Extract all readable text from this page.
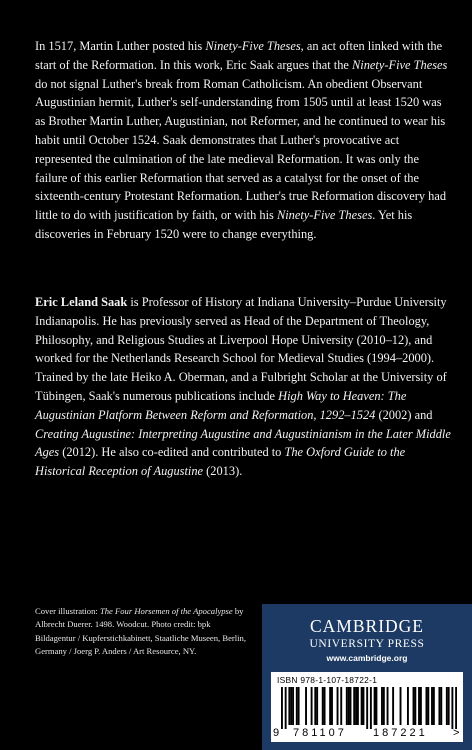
In 1517, Martin Luther posted his Ninety-Five Theses, an act often linked with the start of the Reformation. In this work, Eric Saak argues that the Ninety-Five Theses do not signal Luther's break from Roman Catholicism. An obedient Observant Augustinian hermit, Luther's self-understanding from 1505 until at least 1520 was as Brother Martin Luther, Augustinian, not Reformer, and he continued to wear his habit until October 1524. Saak demonstrates that Luther's provocative act represented the culmination of the late medieval Reformation. It was only the failure of this earlier Reformation that served as a catalyst for the onset of the sixteenth-century Protestant Reformation. Luther's true Reformation discovery had little to do with justification by faith, or with his Ninety-Five Theses. Yet his discoveries in February 1520 were to change everything.

Eric Leland Saak is Professor of History at Indiana University–Purdue University Indianapolis. He has previously served as Head of the Department of Theology, Philosophy, and Religious Studies at Liverpool Hope University (2010–12), and worked for the Netherlands Research School for Medieval Studies (1994–2000). Trained by the late Heiko A. Oberman, and a Fulbright Scholar at the University of Tübingen, Saak's numerous publications include High Way to Heaven: The Augustinian Platform Between Reform and Reformation, 1292–1524 (2002) and Creating Augustine: Interpreting Augustine and Augustinianism in the Later Middle Ages (2012). He also co-edited and contributed to The Oxford Guide to the Historical Reception of Augustine (2013).

Cover illustration: The Four Horsemen of the Apocalypse by Albrecht Duerer. 1498. Woodcut. Photo credit: bpk Bildagentur / Kupferstichkabinett, Staatliche Museen, Berlin, Germany / Joerg P. Anders / Art Resource, NY.
CAMBRIDGE
UNIVERSITY PRESS
www.cambridge.org
ISBN 978-1-107-18722-1
9 781107 187221 >
